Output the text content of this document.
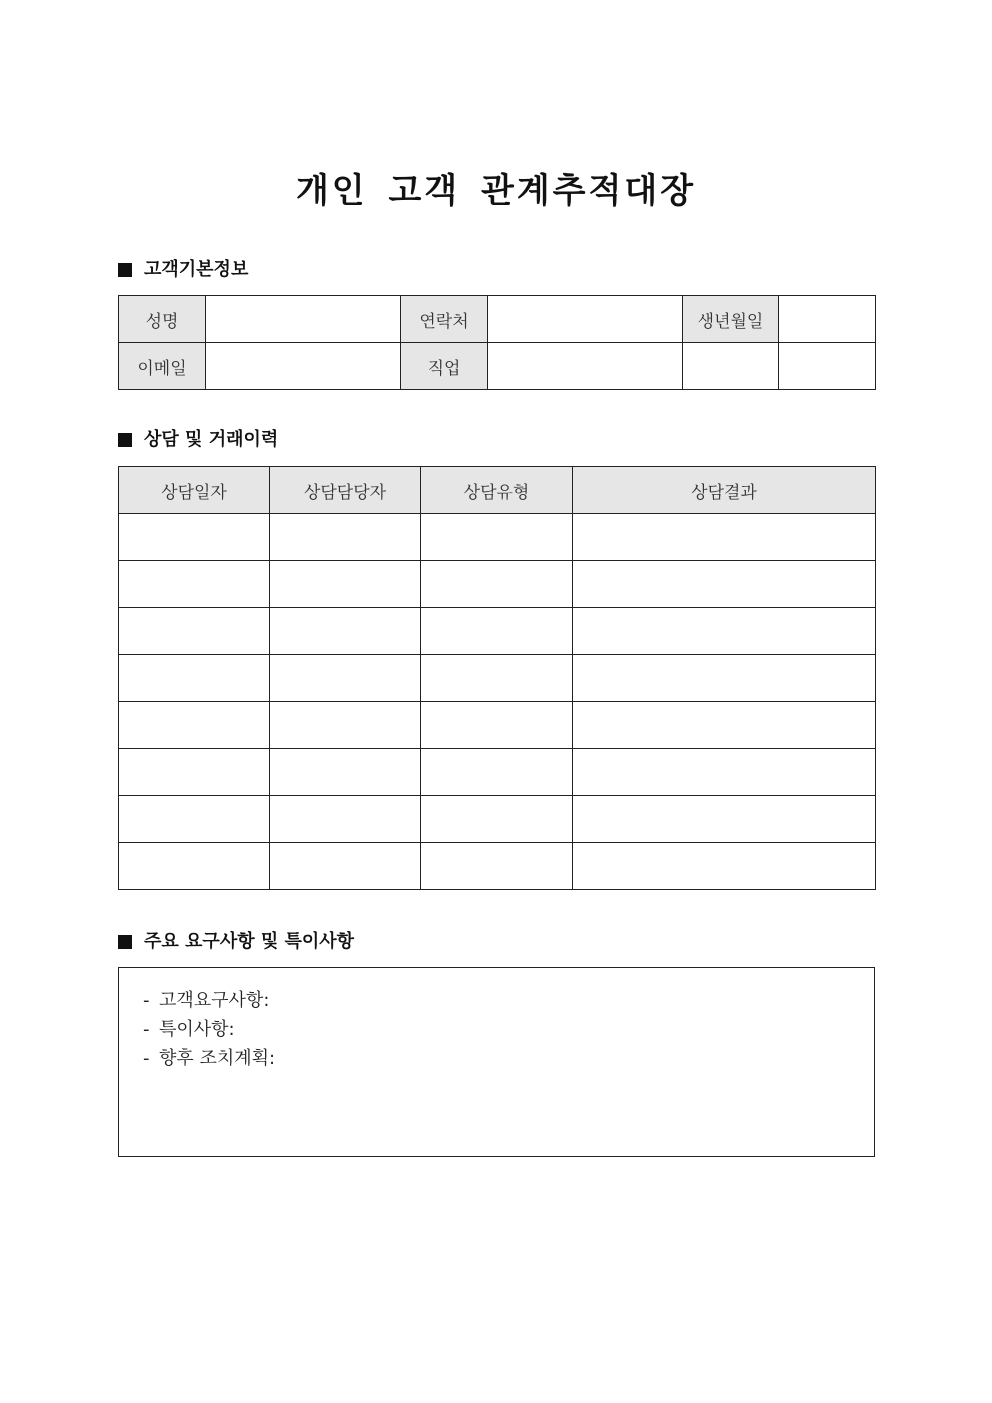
개인 고객 관계추적대장
고객기본정보
성명		연락처		생년월일	
이메일		직업			
상담 및 거래이력
상담일자	상담담당자	상담유형	상담결과

주요 요구사항 및 특이사항
- 고객요구사항:
- 특이사항:
- 향후 조치계획:
